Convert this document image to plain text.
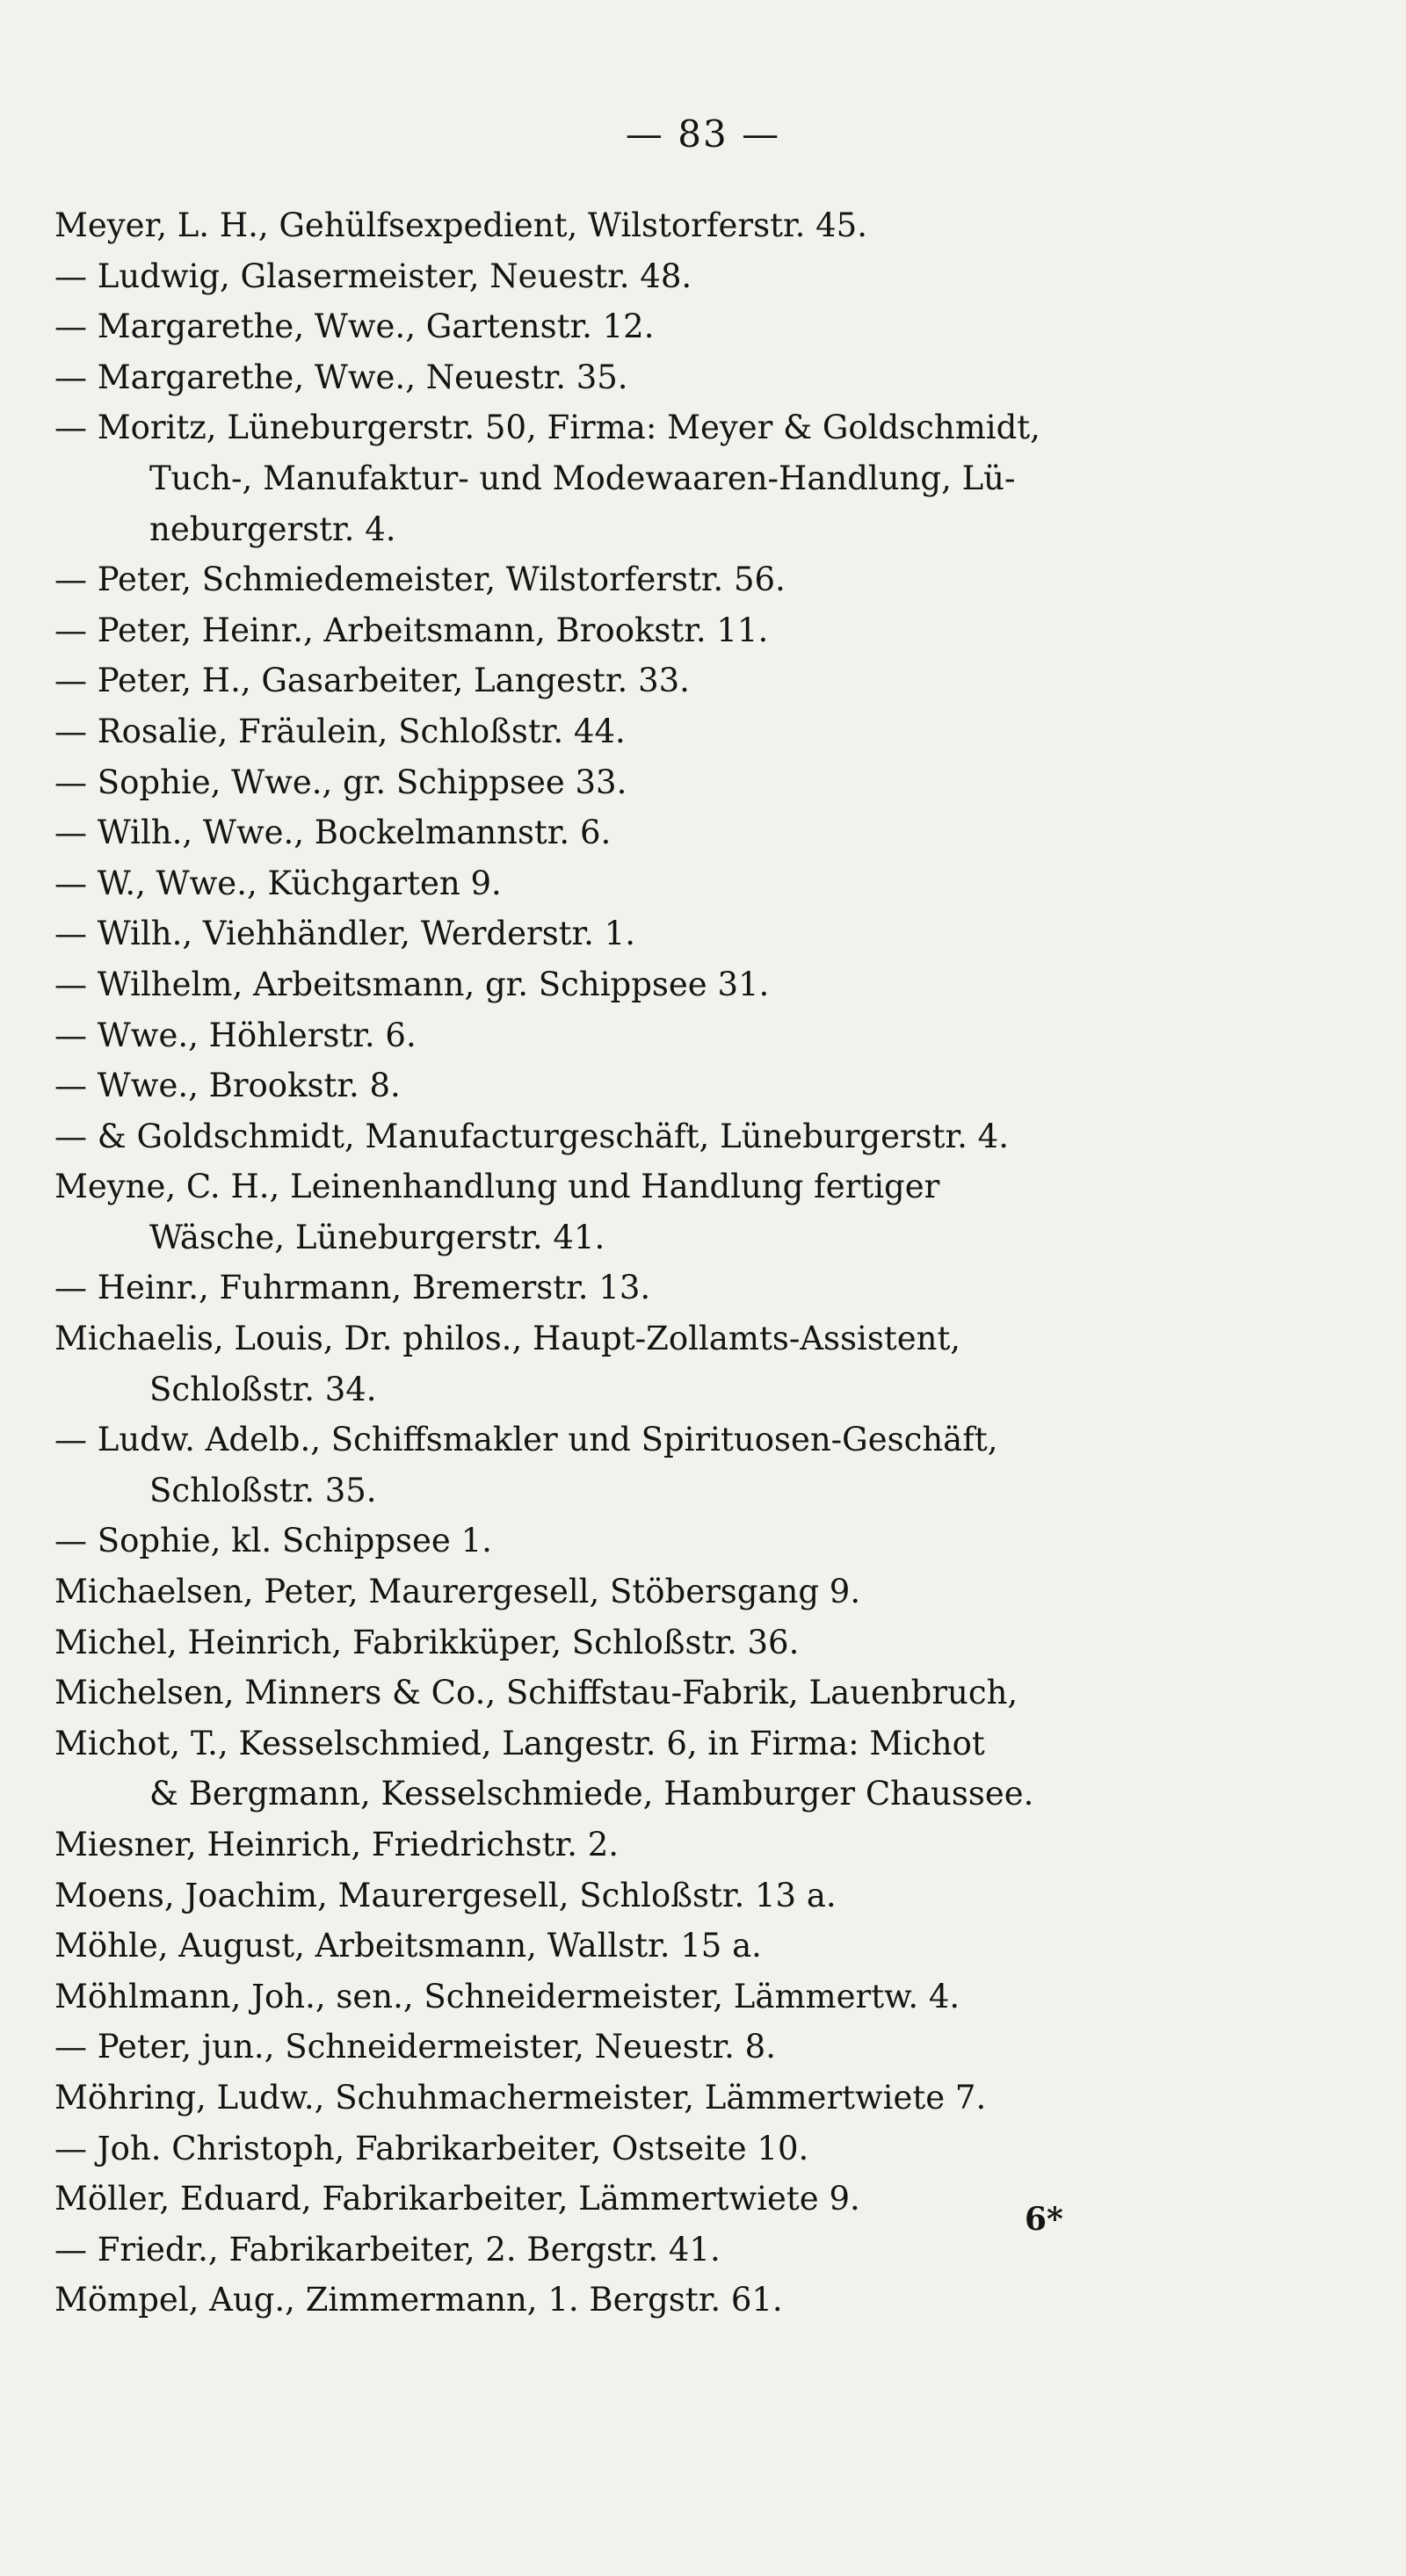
— 83 —
Meyer, L. H., Gehülfsexpedient, Wilstorferstr. 45.
— Ludwig, Glasermeister, Neuestr. 48.
— Margarethe, Wwe., Gartenstr. 12.
— Margarethe, Wwe., Neuestr. 35.
— Moritz, Lüneburgerstr. 50, Firma: Meyer & Goldschmidt,
Tuch-, Manufaktur- und Modewaaren-Handlung, Lü-
neburgerstr. 4.
— Peter, Schmiedemeister, Wilstorferstr. 56.
— Peter, Heinr., Arbeitsmann, Brookstr. 11.
— Peter, H., Gasarbeiter, Langestr. 33.
— Rosalie, Fräulein, Schloßstr. 44.
— Sophie, Wwe., gr. Schippsee 33.
— Wilh., Wwe., Bockelmannstr. 6.
— W., Wwe., Küchgarten 9.
— Wilh., Viehhändler, Werderstr. 1.
— Wilhelm, Arbeitsmann, gr. Schippsee 31.
— Wwe., Höhlerstr. 6.
— Wwe., Brookstr. 8.
— & Goldschmidt, Manufacturgeschäft, Lüneburgerstr. 4.
Meyne, C. H., Leinenhandlung und Handlung fertiger
Wäsche, Lüneburgerstr. 41.
— Heinr., Fuhrmann, Bremerstr. 13.
Michaelis, Louis, Dr. philos., Haupt-Zollamts-Assistent,
Schloßstr. 34.
— Ludw. Adelb., Schiffsmakler und Spirituosen-Geschäft,
Schloßstr. 35.
— Sophie, kl. Schippsee 1.
Michaelsen, Peter, Maurergesell, Stöbersgang 9.
Michel, Heinrich, Fabrikküper, Schloßstr. 36.
Michelsen, Minners & Co., Schiffstau-Fabrik, Lauenbruch,
Michot, T., Kesselschmied, Langestr. 6, in Firma: Michot
& Bergmann, Kesselschmiede, Hamburger Chaussee.
Miesner, Heinrich, Friedrichstr. 2.
Moens, Joachim, Maurergesell, Schloßstr. 13 a.
Möhle, August, Arbeitsmann, Wallstr. 15 a.
Möhlmann, Joh., sen., Schneidermeister, Lämmertw. 4.
— Peter, jun., Schneidermeister, Neuestr. 8.
Möhring, Ludw., Schuhmachermeister, Lämmertwiete 7.
— Joh. Christoph, Fabrikarbeiter, Ostseite 10.
Möller, Eduard, Fabrikarbeiter, Lämmertwiete 9.
— Friedr., Fabrikarbeiter, 2. Bergstr. 41.
Mömpel, Aug., Zimmermann, 1. Bergstr. 61.
6*
